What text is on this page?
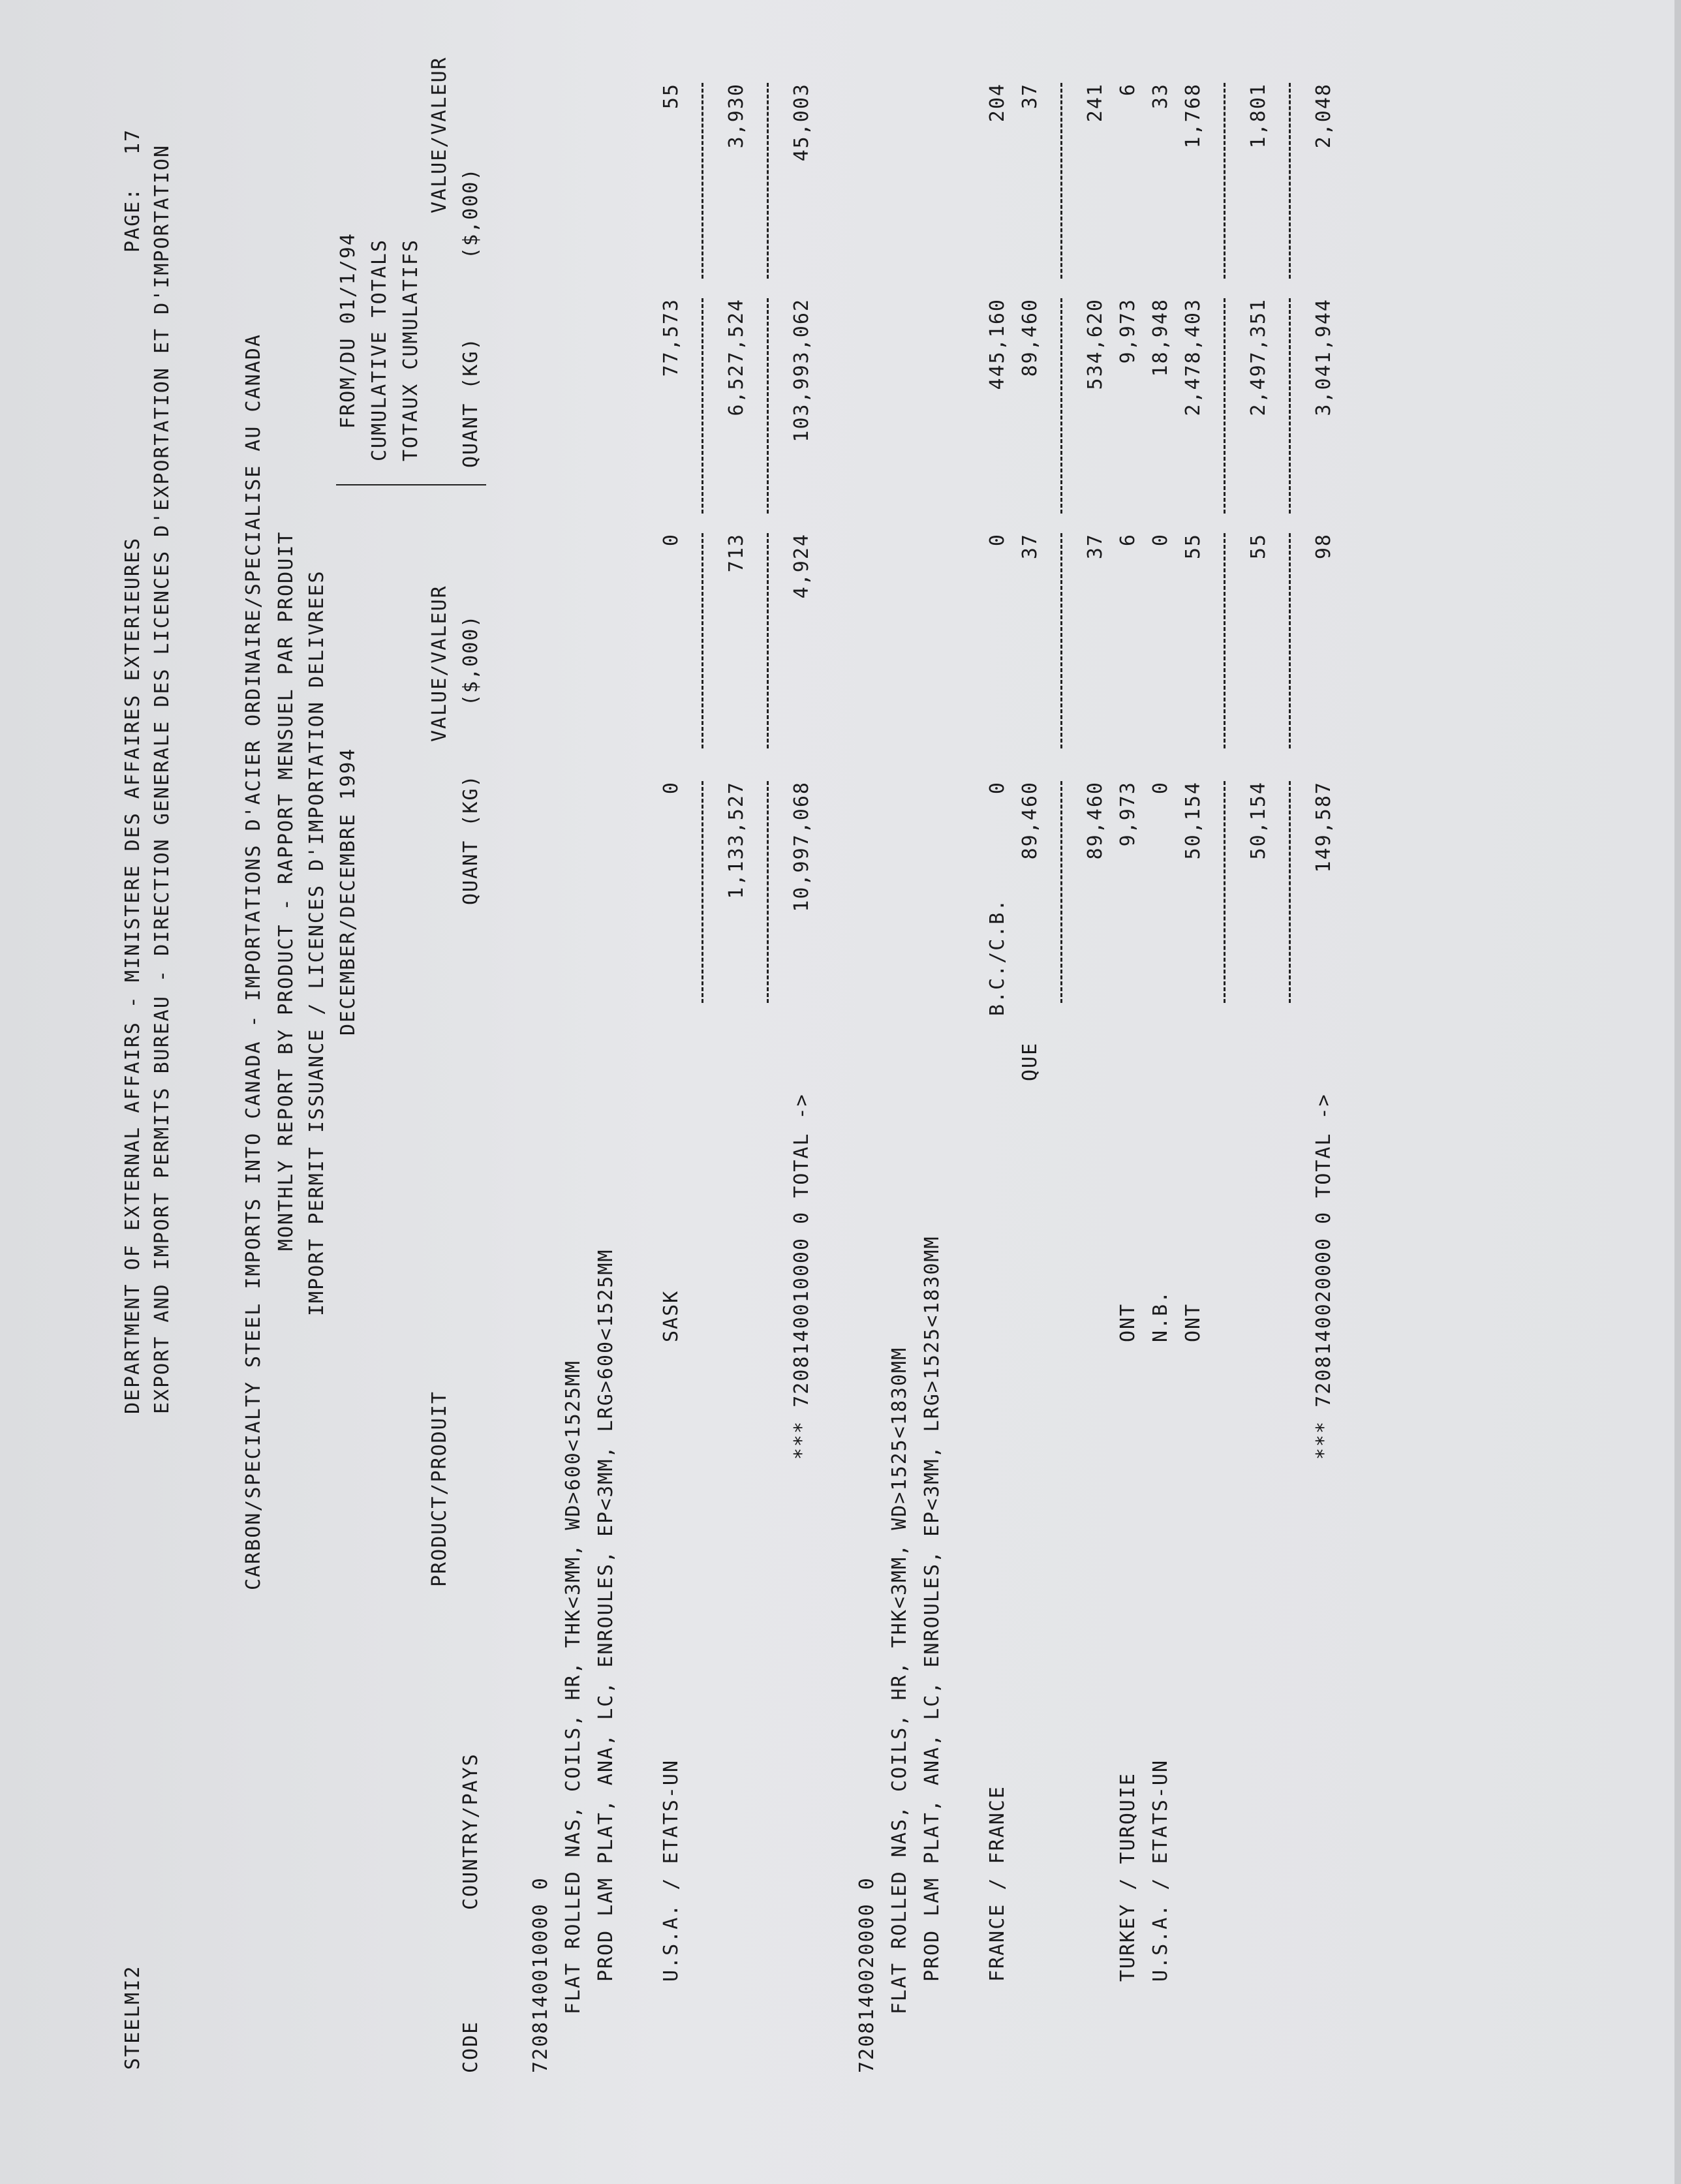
STEELMI2
DEPARTMENT OF EXTERNAL AFFAIRS - MINISTERE DES AFFAIRES EXTERIEURES
PAGE:
17
EXPORT AND IMPORT PERMITS BUREAU - DIRECTION GENERALE DES LICENCES D'EXPORTATION ET D'IMPORTATION	CARBON/SPECIALTY STEEL IMPORTS INTO CANADA - IMPORTATIONS D'ACIER ORDINAIRE/SPECIALISE AU CANADA MONTHLY REPORT BY PRODUCT - RAPPORT MENSUEL PAR PRODUIT IMPORT PERMIT ISSUANCE / LICENCES D'IMPORTATION DELIVREES DECEMBER/DECEMBRE 1994
FROM/DU 01/1/94 CUMULATIVE TOTALS TOTAUX CUMULATIFS
VALUE/VALEUR
VALUE/VALEUR
PRODUCT/PRODUIT
CODE
COUNTRY/PAYS
QUANT (KG)
($,000)
QUANT (KG)
($,000)
7208140010000 0 FLAT ROLLED NAS, COILS, HR, THK<3MM, WD>600<1525MM PROD LAM PLAT, ANA, LC, ENROULES, EP<3MM, LRG>600<1525MM U.S.A. / ETATS-UN
SASK
0
0
77,573
55
1,133,527
713
6,527,524
3,930
*** 7208140010000 0 TOTAL ->
10,997,068
4,924
103,993,062
45,003
7208140020000 0 FLAT ROLLED NAS, COILS, HR, THK<3MM, WD>1525<1830MM PROD LAM PLAT, ANA, LC, ENROULES, EP<3MM, LRG>1525<1830MM FRANCE / FRANCE
B.C./C.B.
0
0
445,160
204
QUE
89,460
37
89,460
37
89,460
37
534,620
241
TURKEY / TURQUIE
ONT
9,973
6
9,973
6
U.S.A. / ETATS-UN
N.B.
0
0
18,948
33
ONT
50,154
55
2,478,403
1,768
50,154
55
2,497,351
1,801
*** 7208140020000 0 TOTAL ->
149,587
98
3,041,944
2,048
